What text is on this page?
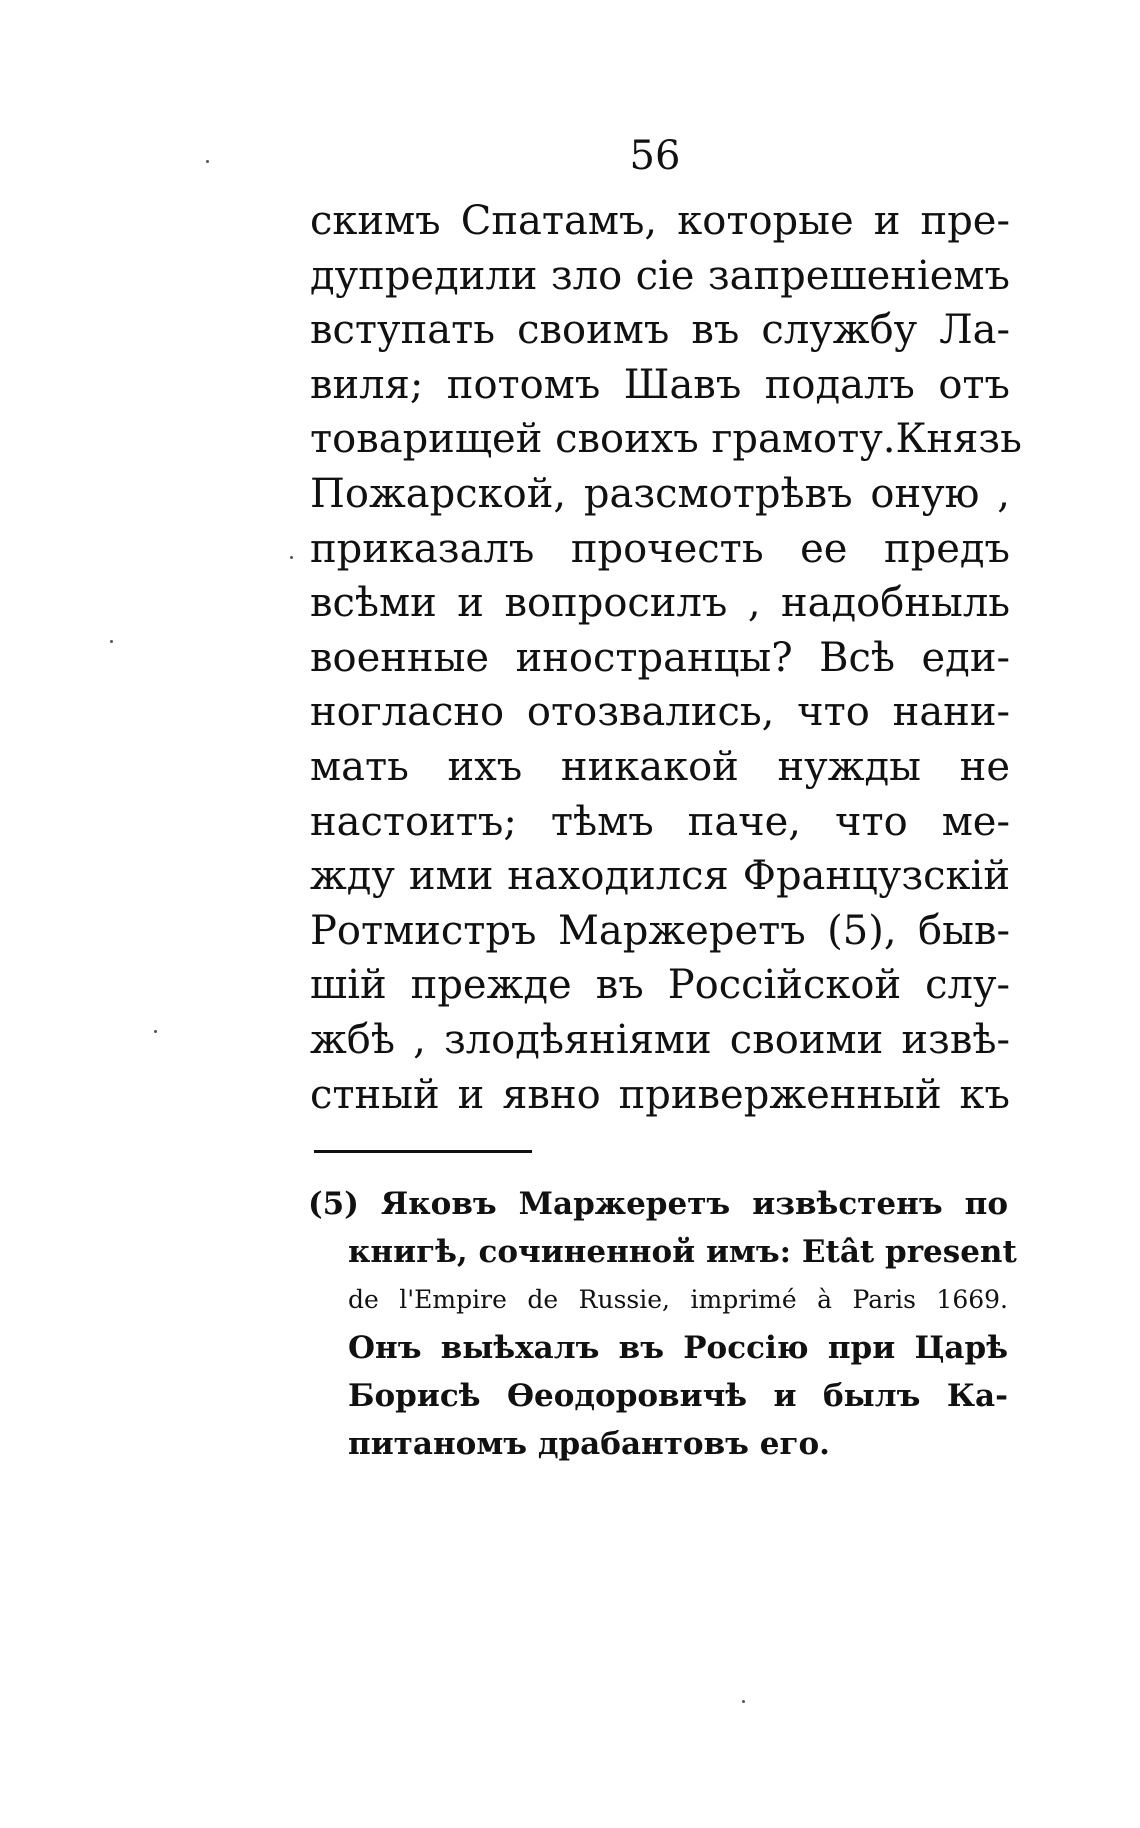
56
скимъ Спатамъ, которые и пре-
дупредили зло сіе запрешеніемъ
вступать своимъ въ службу Ла-
виля; потомъ Шавъ подалъ отъ
товарищей своихъ грамоту.Князь
Пожарской, разсмотрѣвъ оную ,
приказалъ прочесть ее предъ
всѣми и вопросилъ , надобныль
военные иностранцы? Всѣ еди-
ногласно отозвались, что нани-
мать ихъ никакой нужды не
настоитъ; тѣмъ паче, что ме-
жду ими находился Французскій
Ротмистръ Маржеретъ (5), быв-
шій прежде въ Россійской слу-
жбѣ , злодѣяніями своими извѣ-
стный и явно приверженный къ
(5) Яковъ Маржеретъ извѣстенъ по
книгѣ, сочиненной имъ: Etât present
de l'Empire de Russie, imprimé à Paris 1669.
Онъ выѣхалъ въ Россію при Царѣ
Борисѣ Ѳеодоровичѣ и былъ Ка-
питаномъ драбантовъ его.
